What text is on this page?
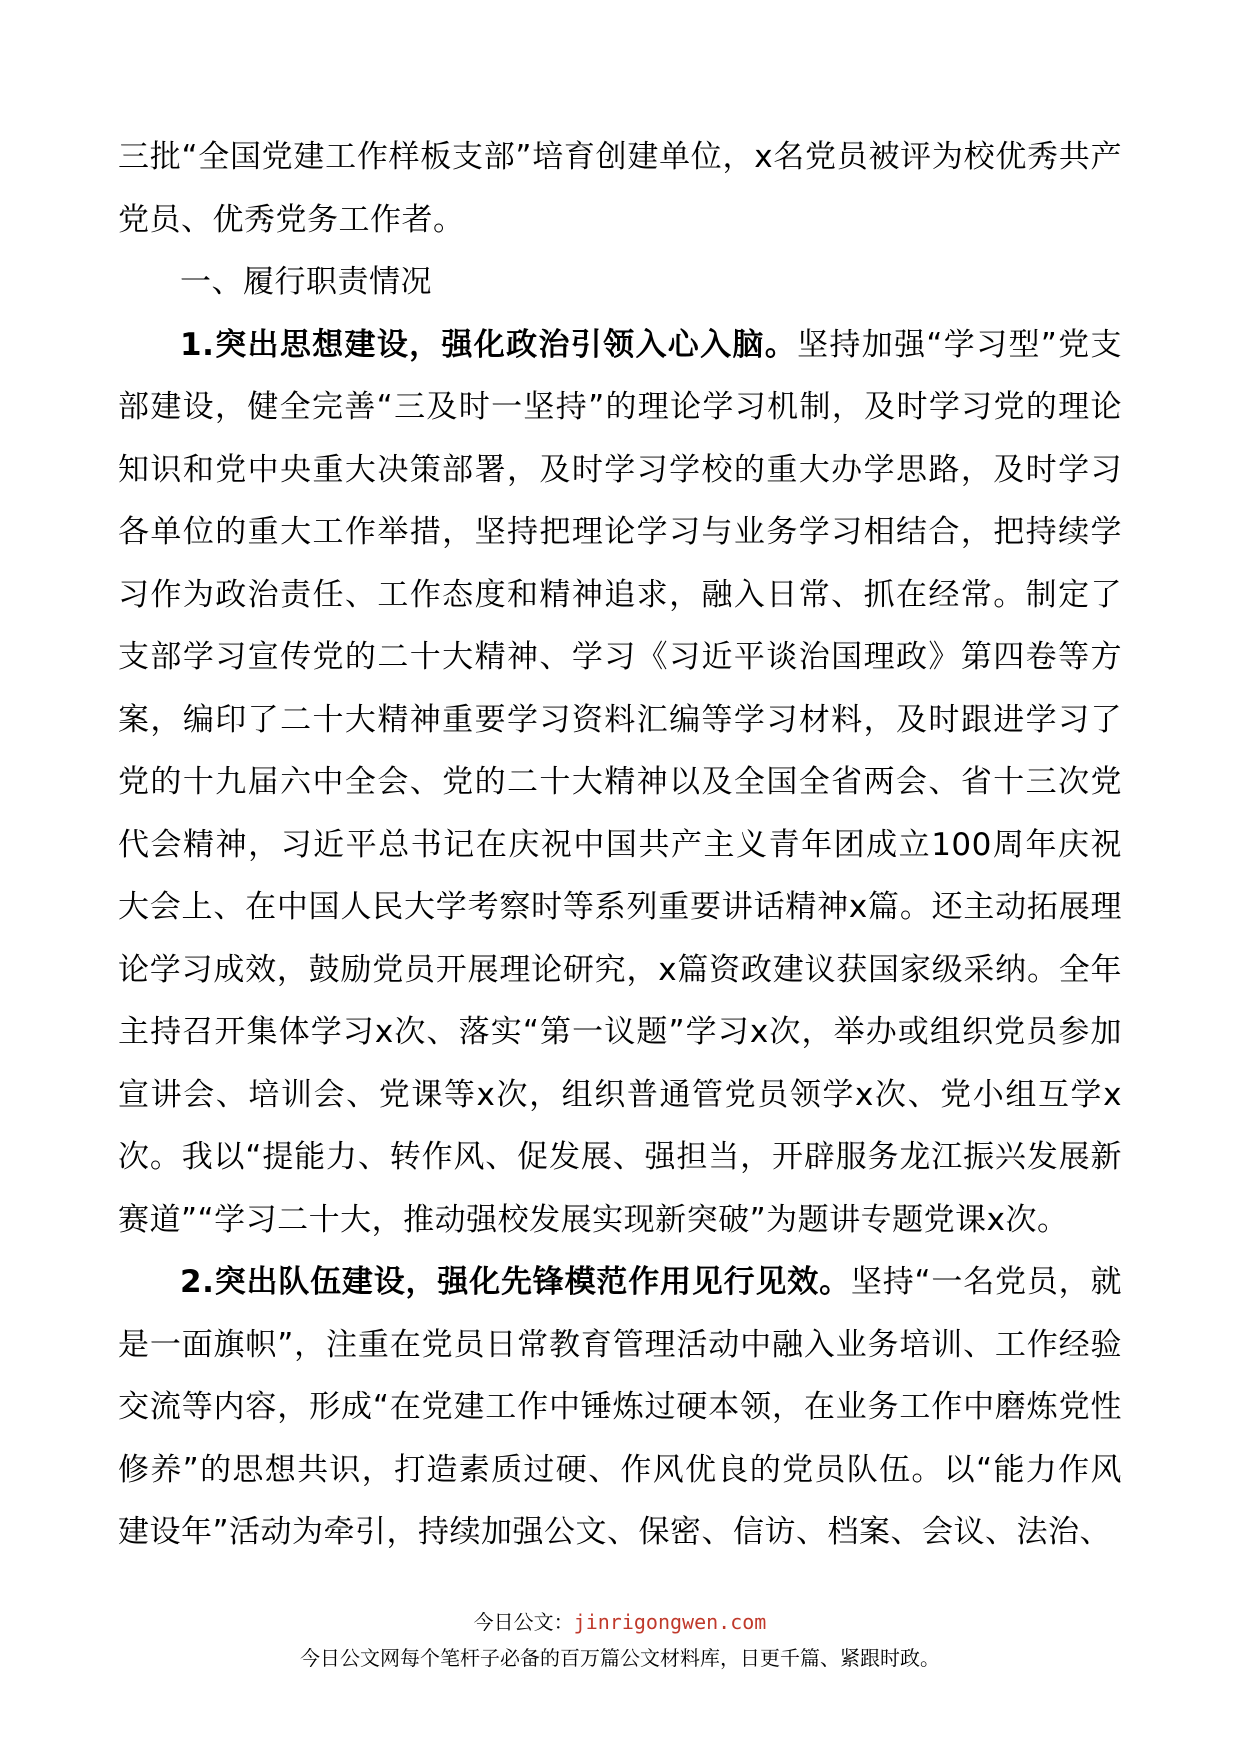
三批“全国党建工作样板支部”培育创建单位，x名党员被评为校优秀共产党员、优秀党务工作者。

一、履行职责情况

1.突出思想建设，强化政治引领入心入脑。坚持加强“学习型”党支部建设，健全完善“三及时一坚持”的理论学习机制，及时学习党的理论知识和党中央重大决策部署，及时学习学校的重大办学思路，及时学习各单位的重大工作举措，坚持把理论学习与业务学习相结合，把持续学习作为政治责任、工作态度和精神追求，融入日常、抓在经常。制定了支部学习宣传党的二十大精神、学习《习近平谈治国理政》第四卷等方案，编印了二十大精神重要学习资料汇编等学习材料，及时跟进学习了党的十九届六中全会、党的二十大精神以及全国全省两会、省十三次党代会精神，习近平总书记在庆祝中国共产主义青年团成立100周年庆祝大会上、在中国人民大学考察时等系列重要讲话精神x篇。还主动拓展理论学习成效，鼓励党员开展理论研究，x篇资政建议获国家级采纳。全年主持召开集体学习x次、落实“第一议题”学习x次，举办或组织党员参加宣讲会、培训会、党课等x次，组织普通管党员领学x次、党小组互学x次。我以“提能力、转作风、促发展、强担当，开辟服务龙江振兴发展新赛道”“学习二十大，推动强校发展实现新突破”为题讲专题党课x次。

2.突出队伍建设，强化先锋模范作用见行见效。坚持“一名党员，就是一面旗帜”，注重在党员日常教育管理活动中融入业务培训、工作经验交流等内容，形成“在党建工作中锤炼过硬本领，在业务工作中磨炼党性修养”的思想共识，打造素质过硬、作风优良的党员队伍。以“能力作风建设年”活动为牵引，持续加强公文、保密、信访、档案、会议、法治、

今日公文：jinrigongwen.com
今日公文网每个笔杆子必备的百万篇公文材料库，日更千篇、紧跟时政。
